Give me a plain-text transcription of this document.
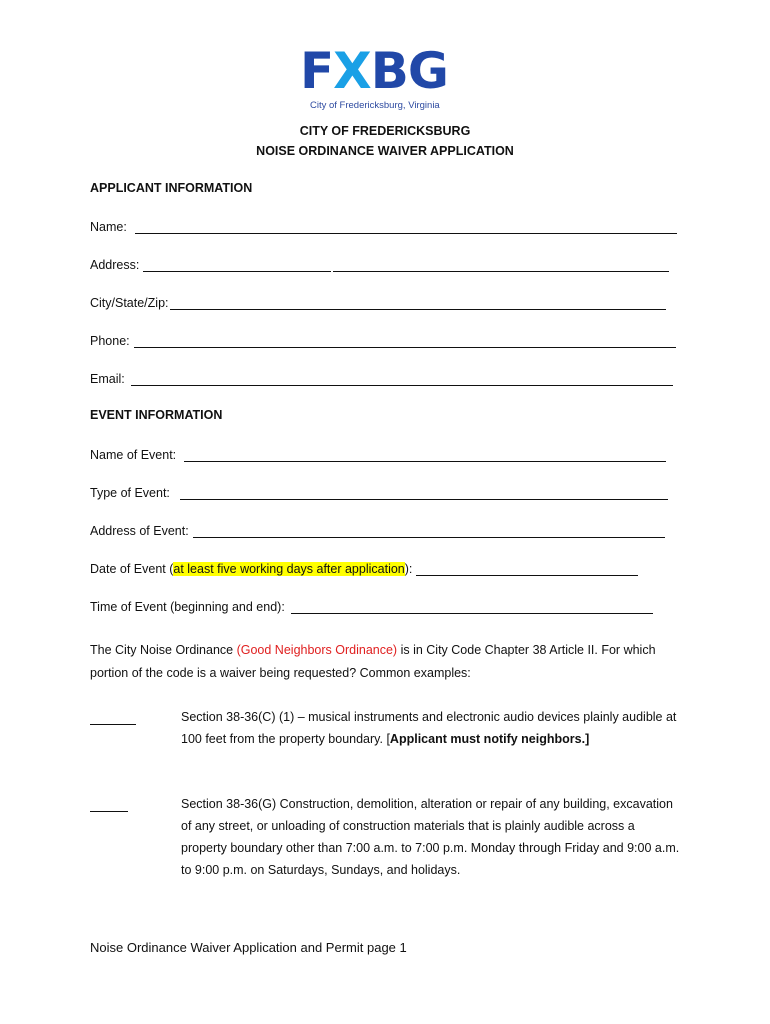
F X B G
City of Fredericksburg, Virginia
CITY OF FREDERICKSBURG
NOISE ORDINANCE WAIVER APPLICATION
APPLICANT INFORMATION
Name:
Address:
City/State/Zip:
Phone:
Email:
EVENT INFORMATION
Name of Event:
Type of Event:
Address of Event:
Date of Event ( at least five working days after application ):
Time of Event (beginning and end):
The City Noise Ordinance (Good Neighbors Ordinance) is in City Code Chapter 38 Article II. For which portion of the code is a waiver being requested? Common examples:
Section 38-36(C) (1) – musical instruments and electronic audio devices plainly audible at 100 feet from the property boundary. [Applicant must notify neighbors.]
Section 38-36(G) Construction, demolition, alteration or repair of any building, excavation of any street, or unloading of construction materials that is plainly audible across a property boundary other than 7:00 a.m. to 7:00 p.m. Monday through Friday and 9:00 a.m. to 9:00 p.m. on Saturdays, Sundays, and holidays.
Noise Ordinance Waiver Application and Permit page 1
